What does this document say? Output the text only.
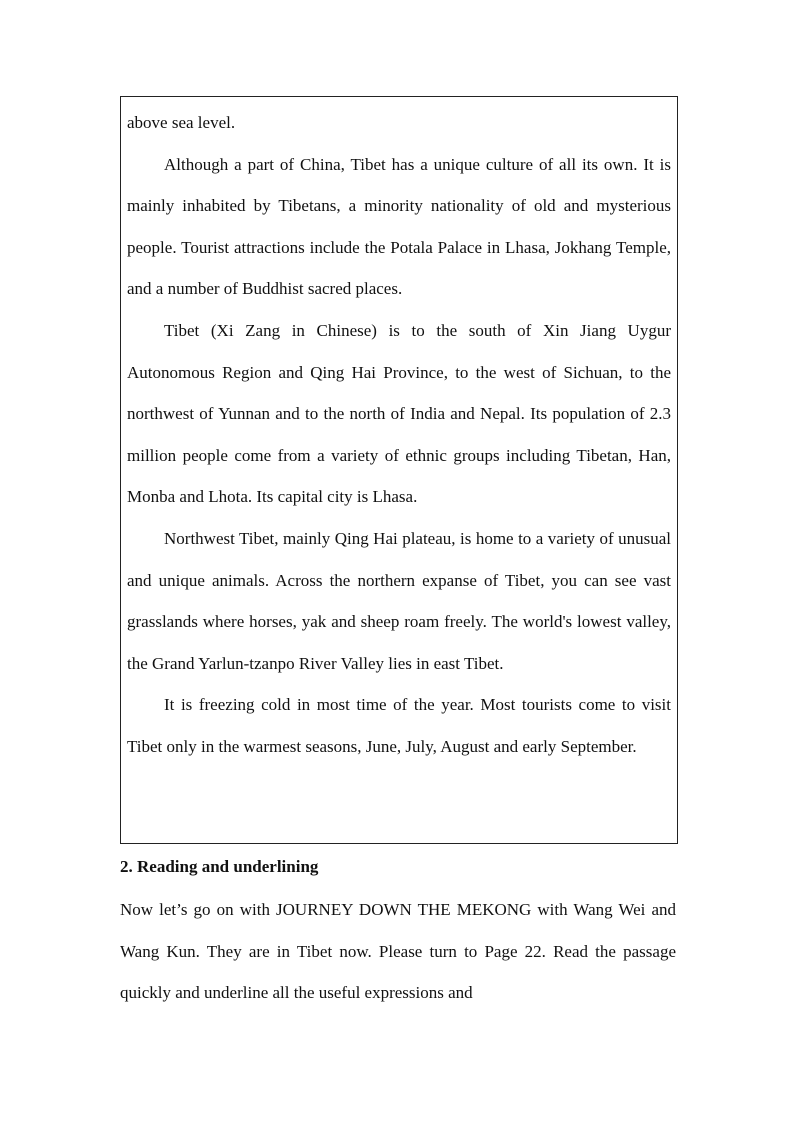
above sea level.

Although a part of China, Tibet has a unique culture of all its own. It is mainly inhabited by Tibetans, a minority nationality of old and mysterious people. Tourist attractions include the Potala Palace in Lhasa, Jokhang Temple, and a number of Buddhist sacred places.

Tibet (Xi Zang in Chinese) is to the south of Xin Jiang Uygur Autonomous Region and Qing Hai Province, to the west of Sichuan, to the northwest of Yunnan and to the north of India and Nepal. Its population of 2.3 million people come from a variety of ethnic groups including Tibetan, Han, Monba and Lhota. Its capital city is Lhasa.

Northwest Tibet, mainly Qing Hai plateau, is home to a variety of unusual and unique animals. Across the northern expanse of Tibet, you can see vast grasslands where horses, yak and sheep roam freely. The world's lowest valley, the Grand Yarlun-tzanpo River Valley lies in east Tibet.

It is freezing cold in most time of the year. Most tourists come to visit Tibet only in the warmest seasons, June, July, August and early September.

2. Reading and underlining

Now let’s go on with JOURNEY DOWN THE MEKONG with Wang Wei and Wang Kun. They are in Tibet now. Please turn to Page 22. Read the passage quickly and underline all the useful expressions and
